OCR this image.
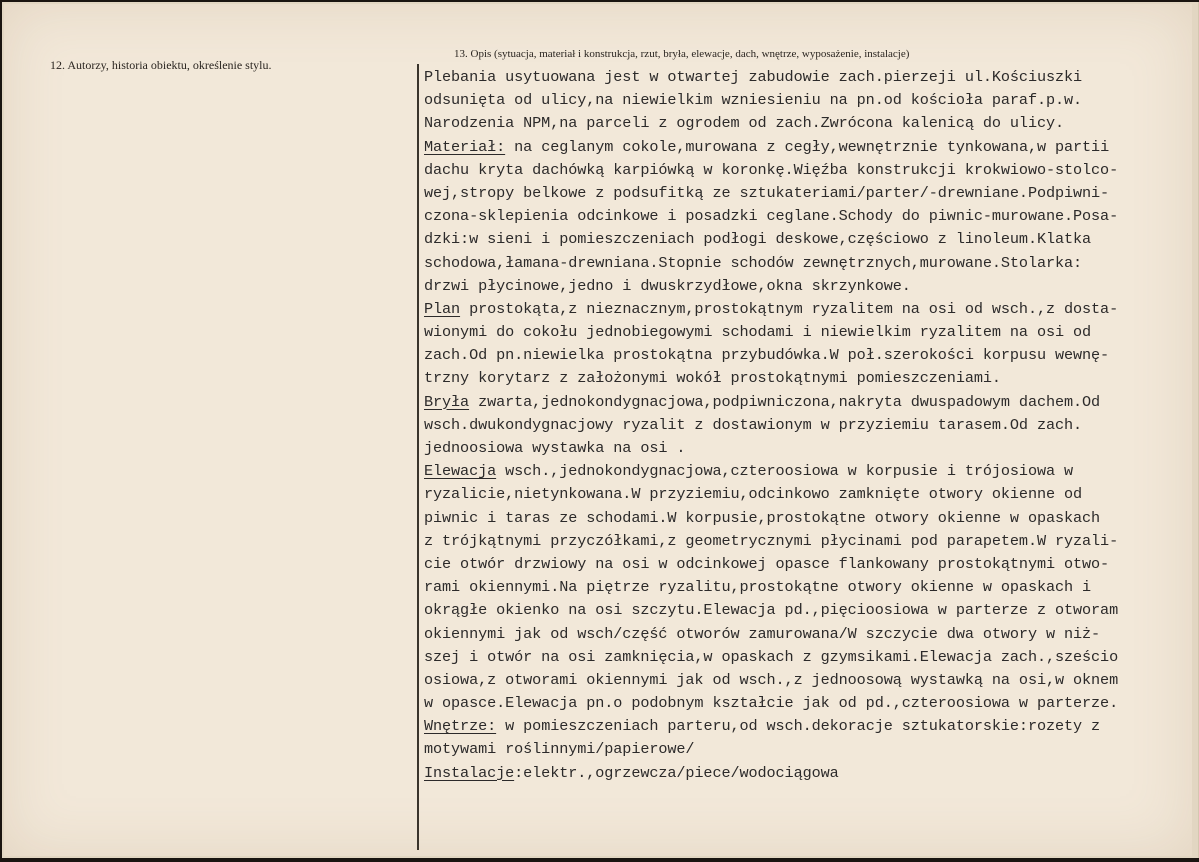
12. Autorzy, historia obiektu, określenie stylu.
13. Opis (sytuacja, materiał i konstrukcja, rzut, bryła, elewacje, dach, wnętrze, wyposażenie, instalacje)
Plebania usytuowana jest w otwartej zabudowie zach.pierzeji ul.Kościuszki
odsunięta od ulicy,na niewielkim wzniesieniu na pn.od kościoła paraf.p.w.
Narodzenia NPM,na parceli z ogrodem od zach.Zwrócona kalenicą do ulicy.
Materiał: na ceglanym cokole,murowana z cegły,wewnętrznie tynkowana,w partii
dachu kryta dachówką karpiówką w koronkę.Więźba konstrukcji krokwiowo-stolco-
wej,stropy belkowe z podsufitką ze sztukateriami/parter/-drewniane.Podpiwni-
czona-sklepienia odcinkowe i posadzki ceglane.Schody do piwnic-murowane.Posa-
dzki:w sieni i pomieszczeniach podłogi deskowe,częściowo z linoleum.Klatka
schodowa,łamana-drewniana.Stopnie schodów zewnętrznych,murowane.Stolarka:
drzwi płycinowe,jedno i dwuskrzydłowe,okna skrzynkowe.
Plan prostokąta,z nieznacznym,prostokątnym ryzalitem na osi od wsch.,z dosta-
wionymi do cokołu jednobiegowymi schodami i niewielkim ryzalitem na osi od
zach.Od pn.niewielka prostokątna przybudówka.W poł.szerokości korpusu wewnę-
trzny korytarz z założonymi wokół prostokątnymi pomieszczeniami.
Bryła zwarta,jednokondygnacjowa,podpiwniczona,nakryta dwuspadowym dachem.Od
wsch.dwukondygnacjowy ryzalit z dostawionym w przyziemiu tarasem.Od zach.
jednoosiowa wystawka na osi .
Elewacja wsch.,jednokondygnacjowa,czteroosiowa w korpusie i trójosiowa w
ryzalicie,nietynkowana.W przyziemiu,odcinkowo zamknięte otwory okienne od
piwnic i taras ze schodami.W korpusie,prostokątne otwory okienne w opaskach
z trójkątnymi przyczółkami,z geometrycznymi płycinami pod parapetem.W ryzali-
cie otwór drzwiowy na osi w odcinkowej opasce flankowany prostokątnymi otwo-
rami okiennymi.Na piętrze ryzalitu,prostokątne otwory okienne w opaskach i
okrągłe okienko na osi szczytu.Elewacja pd.,pięcioosiowa w parterze z otworam
okiennymi jak od wsch/część otworów zamurowana/W szczycie dwa otwory w niż-
szej i otwór na osi zamknięcia,w opaskach z gzymsikami.Elewacja zach.,sześcio
osiowa,z otworami okiennymi jak od wsch.,z jednoosową wystawką na osi,w oknem
w opasce.Elewacja pn.o podobnym kształcie jak od pd.,czteroosiowa w parterze.
Wnętrze: w pomieszczeniach parteru,od wsch.dekoracje sztukatorskie:rozety z
motywami roślinnymi/papierowe/
Instalacje:elektr.,ogrzewcza/piece/wodociągowa
